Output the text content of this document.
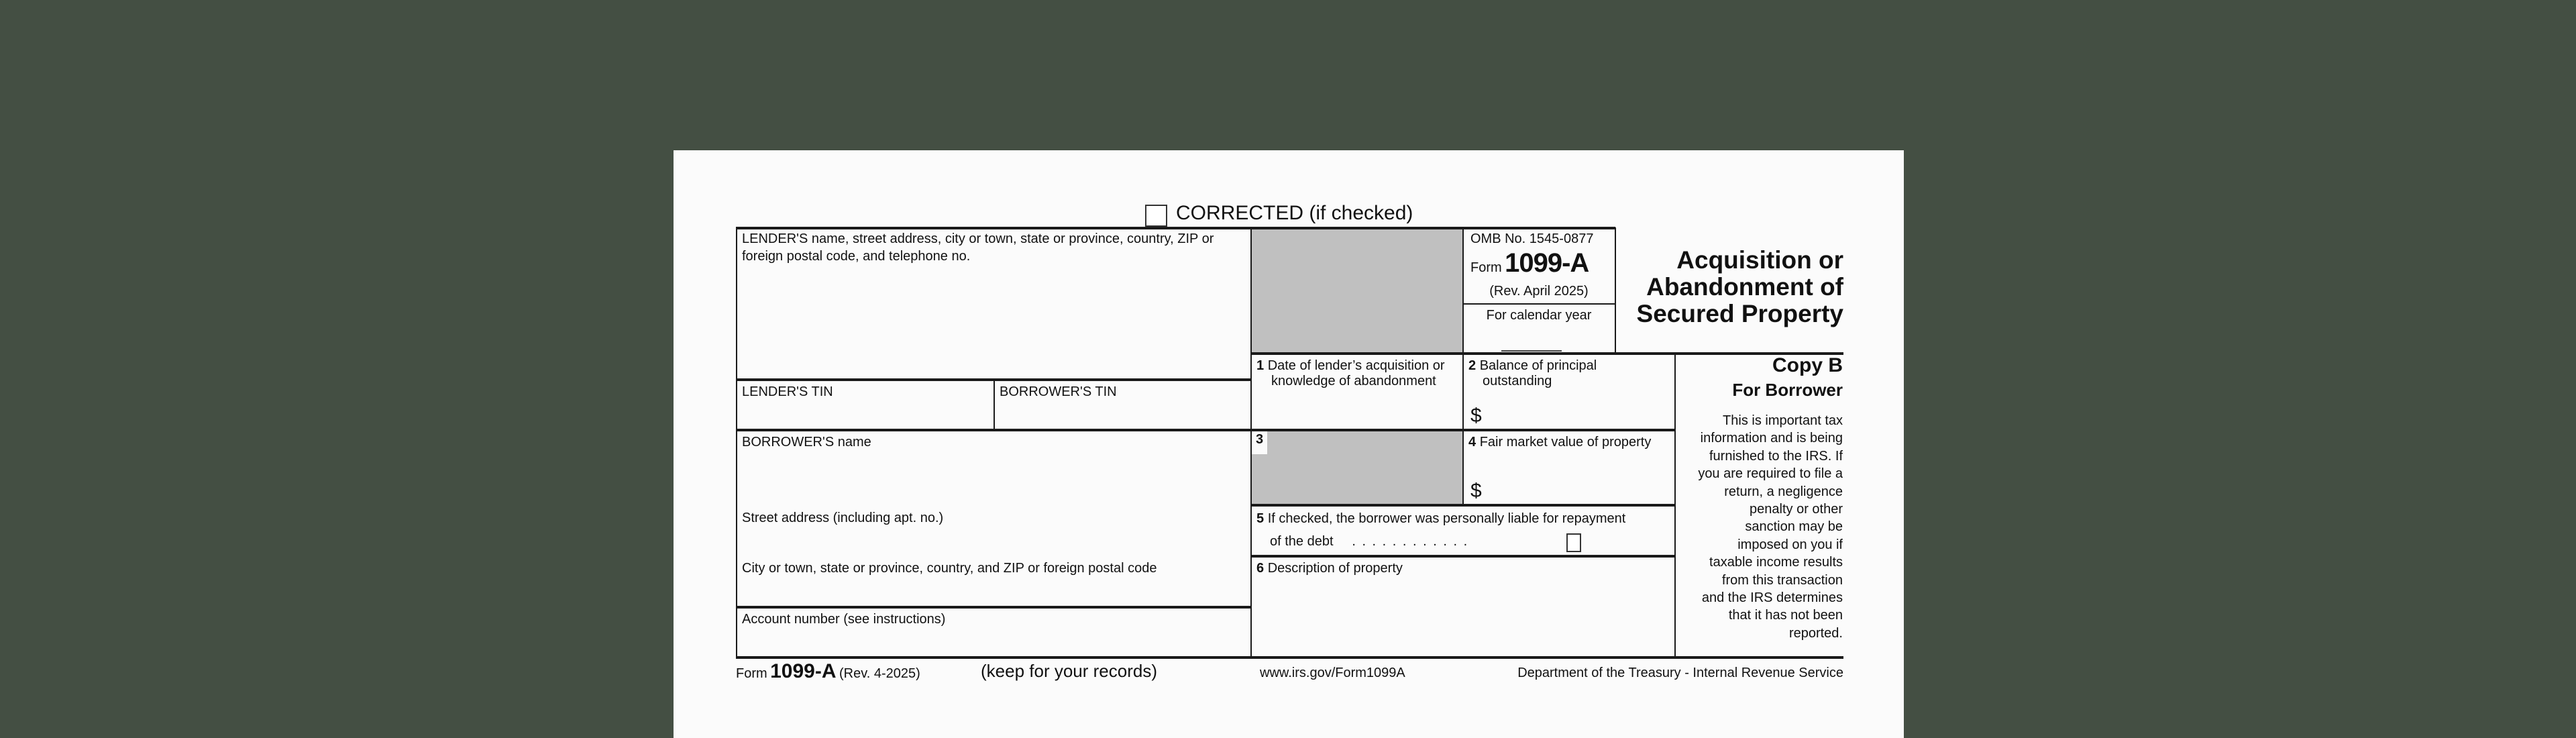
CORRECTED (if checked)
LENDER'S name, street address, city or town, state or province, country, ZIP or
foreign postal code, and telephone no.
LENDER'S TIN	BORROWER'S TIN
BORROWER'S name
Street address (including apt. no.)
City or town, state or province, country, and ZIP or foreign postal code
Account number (see instructions)
OMB No. 1545-0877
Form 1099-A
(Rev. April 2025)
For calendar year
Acquisition or
Abandonment of
Secured Property
1 Date of lender’s acquisition or
knowledge of abandonment
2 Balance of principal
outstanding
$
3	4 Fair market value of property
$
5 If checked, the borrower was personally liable for repayment
of the debt . . . . . . . . . . . .
6 Description of property
Copy B
For Borrower
This is important tax
information and is being
furnished to the IRS. If
you are required to file a
return, a negligence
penalty or other
sanction may be
imposed on you if
taxable income results
from this transaction
and the IRS determines
that it has not been
reported.
Form 1099-A (Rev. 4-2025)	(keep for your records)	www.irs.gov/Form1099A	Department of the Treasury - Internal Revenue Service
